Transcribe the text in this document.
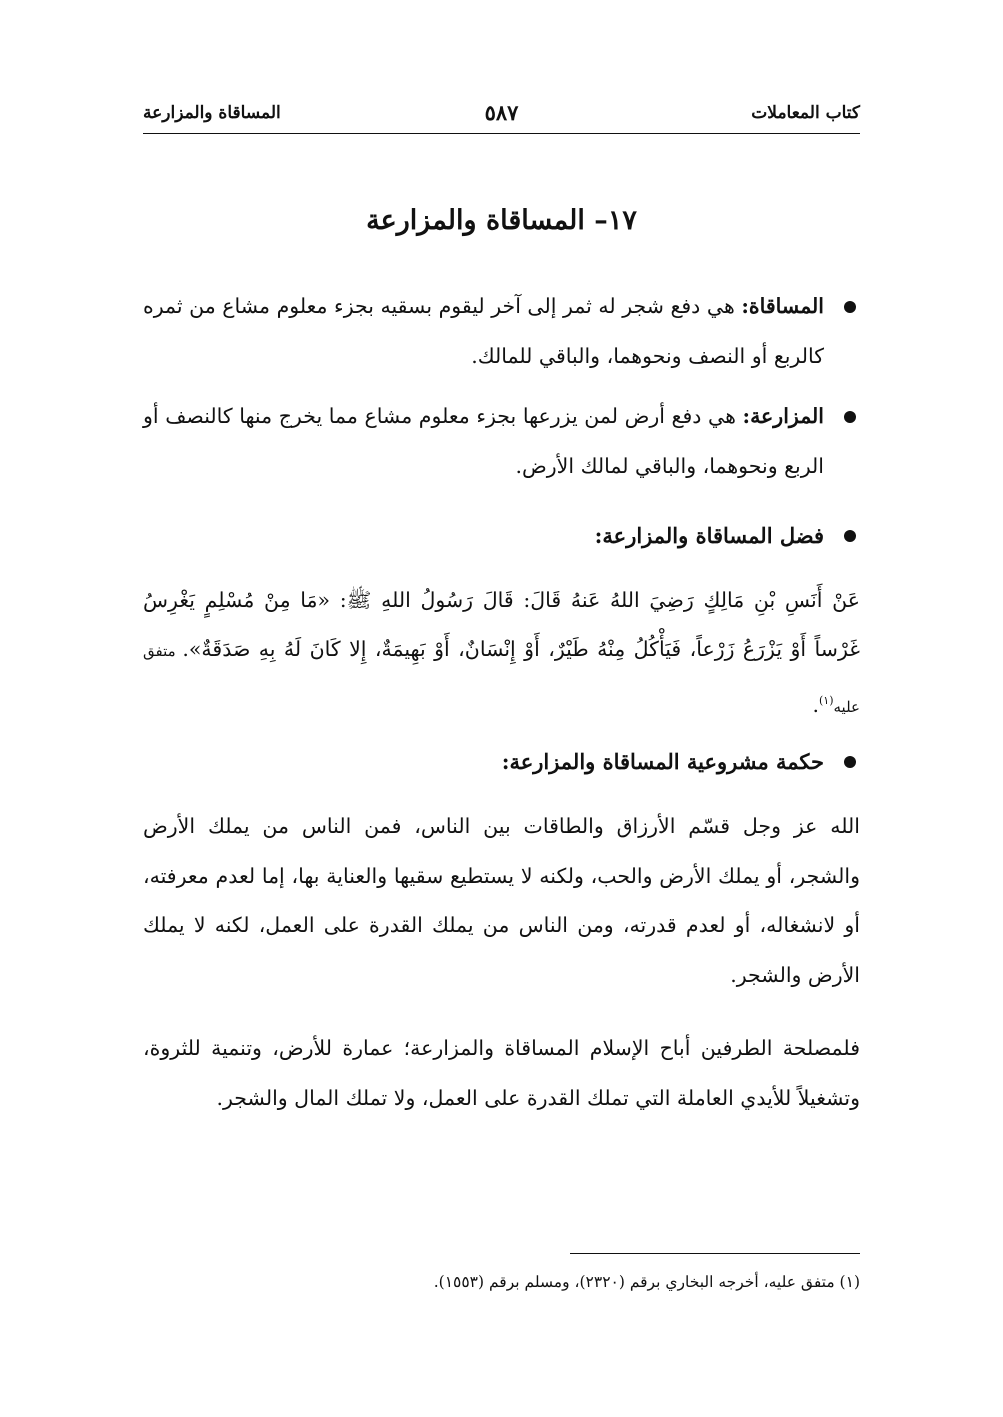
كتاب المعاملات
٥٨٧
المساقاة والمزارعة
١٧– المساقاة والمزارعة

المساقاة: هي دفع شجر له ثمر إلى آخر ليقوم بسقيه بجزء معلوم مشاع من ثمره كالربع أو النصف ونحوهما، والباقي للمالك.

المزارعة: هي دفع أرض لمن يزرعها بجزء معلوم مشاع مما يخرج منها كالنصف أو الربع ونحوهما، والباقي لمالك الأرض.

فضل المساقاة والمزارعة:

عَنْ أَنَسِ بْنِ مَالِكٍ رَضِيَ اللهُ عَنهُ قَالَ: قَالَ رَسُولُ اللهِ ﷺ: «مَا مِنْ مُسْلِمٍ يَغْرِسُ غَرْساً أَوْ يَزْرَعُ زَرْعاً، فَيَأْكُلُ مِنْهُ طَيْرٌ، أَوْ إِنْسَانٌ، أَوْ بَهِيمَةٌ، إِلا كَانَ لَهُ بِهِ صَدَقَةٌ». متفق عليه$^{(١)}$.

حكمة مشروعية المساقاة والمزارعة:

الله عز وجل قسّم الأرزاق والطاقات بين الناس، فمن الناس من يملك الأرض والشجر، أو يملك الأرض والحب، ولكنه لا يستطيع سقيها والعناية بها، إما لعدم معرفته، أو لانشغاله، أو لعدم قدرته، ومن الناس من يملك القدرة على العمل، لكنه لا يملك الأرض والشجر.

فلمصلحة الطرفين أباح الإسلام المساقاة والمزارعة؛ عمارة للأرض، وتنمية للثروة، وتشغيلاً للأيدي العاملة التي تملك القدرة على العمل، ولا تملك المال والشجر.

(١) متفق عليه، أخرجه البخاري برقم (٢٣٢٠)، ومسلم برقم (١٥٥٣).
